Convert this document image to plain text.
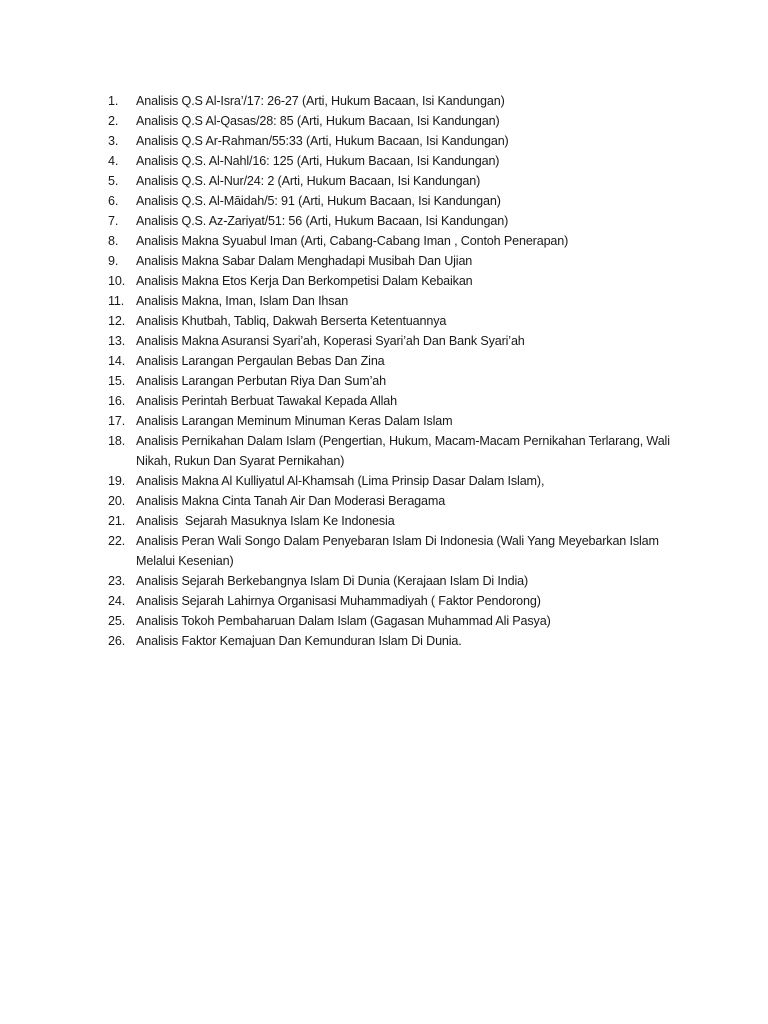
1.	Analisis Q.S Al-Isra’/17: 26-27 (Arti, Hukum Bacaan, Isi Kandungan)
2.	Analisis Q.S Al-Qasas/28: 85 (Arti, Hukum Bacaan, Isi Kandungan)
3.	Analisis Q.S Ar-Rahman/55:33 (Arti, Hukum Bacaan, Isi Kandungan)
4.	Analisis Q.S. Al-Nahl/16: 125 (Arti, Hukum Bacaan, Isi Kandungan)
5.	Analisis Q.S. Al-Nur/24: 2 (Arti, Hukum Bacaan, Isi Kandungan)
6.	Analisis Q.S. Al-Māidah/5: 91 (Arti, Hukum Bacaan, Isi Kandungan)
7.	Analisis Q.S. Az-Zariyat/51: 56 (Arti, Hukum Bacaan, Isi Kandungan)
8.	Analisis Makna Syuabul Iman (Arti, Cabang-Cabang Iman , Contoh Penerapan)
9.	Analisis Makna Sabar Dalam Menghadapi Musibah Dan Ujian
10. Analisis Makna Etos Kerja Dan Berkompetisi Dalam Kebaikan
11. Analisis Makna, Iman, Islam Dan Ihsan
12. Analisis Khutbah, Tabliq, Dakwah Berserta Ketentuannya
13. Analisis Makna Asuransi Syari’ah, Koperasi Syari’ah Dan Bank Syari’ah
14. Analisis Larangan Pergaulan Bebas Dan Zina
15. Analisis Larangan Perbutan Riya Dan Sum’ah
16. Analisis Perintah Berbuat Tawakal Kepada Allah
17. Analisis Larangan Meminum Minuman Keras Dalam Islam
18. Analisis Pernikahan Dalam Islam (Pengertian, Hukum, Macam-Macam Pernikahan Terlarang, Wali Nikah, Rukun Dan Syarat Pernikahan)
19. Analisis Makna Al Kulliyatul Al-Khamsah (Lima Prinsip Dasar Dalam Islam),
20. Analisis Makna Cinta Tanah Air Dan Moderasi Beragama
21. Analisis  Sejarah Masuknya Islam Ke Indonesia
22. Analisis Peran Wali Songo Dalam Penyebaran Islam Di Indonesia (Wali Yang Meyebarkan Islam Melalui Kesenian)
23. Analisis Sejarah Berkebangnya Islam Di Dunia (Kerajaan Islam Di India)
24. Analisis Sejarah Lahirnya Organisasi Muhammadiyah ( Faktor Pendorong)
25. Analisis Tokoh Pembaharuan Dalam Islam (Gagasan Muhammad Ali Pasya)
26. Analisis Faktor Kemajuan Dan Kemunduran Islam Di Dunia.
